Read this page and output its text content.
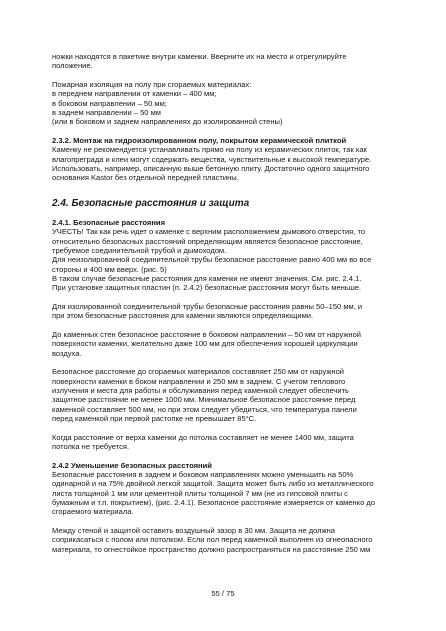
ножки находятся в пакетике внутри каменки. Вверните их на место и отрегулируйте

положение.

Пожарная изоляция на полу при сгораемых материалах:

в переднем направлении от каменки – 400 мм;

в боковом направлении – 50 мм;

в заднем направлении – 50 мм

(или в боковом и заднем направлениях до изолированной стены)

2.3.2. Монтаж на гидроизолированном полу, покрытом керамической плиткой

Каменку не рекомендуется устанавливать прямо на полу из керамических плиток, так как

влагопреграда и клеи могут содержать вещества, чувствительные к высокой температуре.

Использовать, например, описанную выше бетонную плиту. Достаточно одного защитного

основания Kastor без отдельной передней пластины.

2.4. Безопасные расстояния и защита
2.4.1. Безопасные расстояния

УЧЕСТЬ! Так как речь идет о каменке с верхним расположением дымового отверстия, то

относительно безопасных расстояний определяющим является безопасное расстояние,

требуемое соединительной трубой и дымоходом.

Для неизолированной соединительной трубы безопасное расстояние равно 400 мм во все

стороны и 400 мм вверх. (рис. 5)

В таком случае безопасные расстояния для каменки не имеют значения. См. рис. 2.4.1.

При установке защитных пластин (п. 2.4.2) безопасные расстояния могут быть меньше.

Для изолированной соединительной трубы безопасные расстояния равны 50–150 мм, и

при этом безопасные расстояния для каменки являются определяющими.

До каменных стен безопасное расстояние в боковом направлении – 50 мм от наружной

поверхности каменки, желательно даже 100 мм для обеспечения хорошей циркуляции

воздуха.

Безопасное расстояние до сгораемых материалов составляет 250 мм от наружной

поверхности каменки в боком направлении и 250 мм в заднем. С учетом теплового

излучения и места для работы и обслуживания перед каменкой следует обеспечить

защитное расстояние не менее 1000 мм. Минимальное безопасное расстояние перед

каменкой составляет 500 мм, но при этом следует убедиться, что температура панели

перед каменкой при первой растопке не превышает 85°C.

Когда расстояние от верха каменки до потолка составляет не менее 1400 мм, защита

потолка не требуется.

2.4.2 Уменьшение безопасных расстояний

Безопасные расстояния в заднем и боковом направлениях можно уменьшить на 50%

одинарной и на 75% двойной легкой защитой. Защита может быть либо из металлического

листа толщиной 1 мм или цементной плиты толщиной 7 мм (не из гипсовой плиты с

бумажным и т.п. покрытием), (рис. 2.4.1). Безопасное расстояние измеряется от каменко до

сгораемого материала.

Между стеной и защитой оставить воздушный зазор в 30 мм. Защита не должна

соприкасаться с полом или потолком. Если пол перед каменкой выполнен из огнеопасного

материала, то огнестойкое пространство должно распространяться на расстояние 250 мм

55 / 75
